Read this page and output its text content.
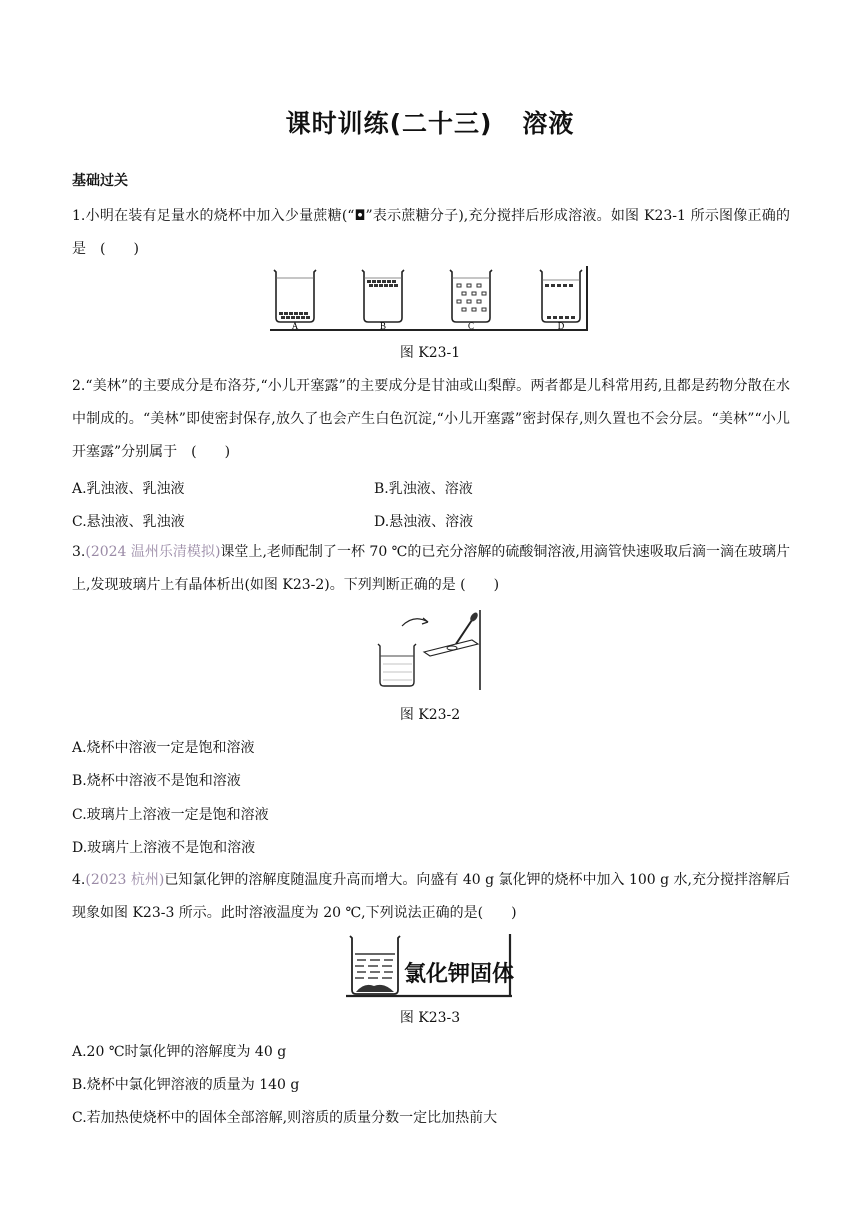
课时训练(二十三) 溶液
基础过关
1.小明在装有足量水的烧杯中加入少量蔗糖(“◘”表示蔗糖分子),充分搅拌后形成溶液。如图 K23-1 所示图像正确的是　(　　)
A	B	C	D
图 K23-1
2.“美林”的主要成分是布洛芬,“小儿开塞露”的主要成分是甘油或山梨醇。两者都是儿科常用药,且都是药物分散在水中制成的。“美林”即使密封保存,放久了也会产生白色沉淀,“小儿开塞露”密封保存,则久置也不会分层。“美林”“小儿开塞露”分别属于　(　　)
A.乳浊液、乳浊液	B.乳浊液、溶液
C.悬浊液、乳浊液	D.悬浊液、溶液
3.(2024 温州乐清模拟)课堂上,老师配制了一杯 70 ℃的已充分溶解的硫酸铜溶液,用滴管快速吸取后滴一滴在玻璃片上,发现玻璃片上有晶体析出(如图 K23-2)。下列判断正确的是 (　　)
图 K23-2
A.烧杯中溶液一定是饱和溶液
B.烧杯中溶液不是饱和溶液
C.玻璃片上溶液一定是饱和溶液
D.玻璃片上溶液不是饱和溶液
4.(2023 杭州)已知氯化钾的溶解度随温度升高而增大。向盛有 40 g 氯化钾的烧杯中加入 100 g 水,充分搅拌溶解后现象如图 K23-3 所示。此时溶液温度为 20 ℃,下列说法正确的是(　　)
氯化钾固体
图 K23-3
A.20 ℃时氯化钾的溶解度为 40 g
B.烧杯中氯化钾溶液的质量为 140 g
C.若加热使烧杯中的固体全部溶解,则溶质的质量分数一定比加热前大
